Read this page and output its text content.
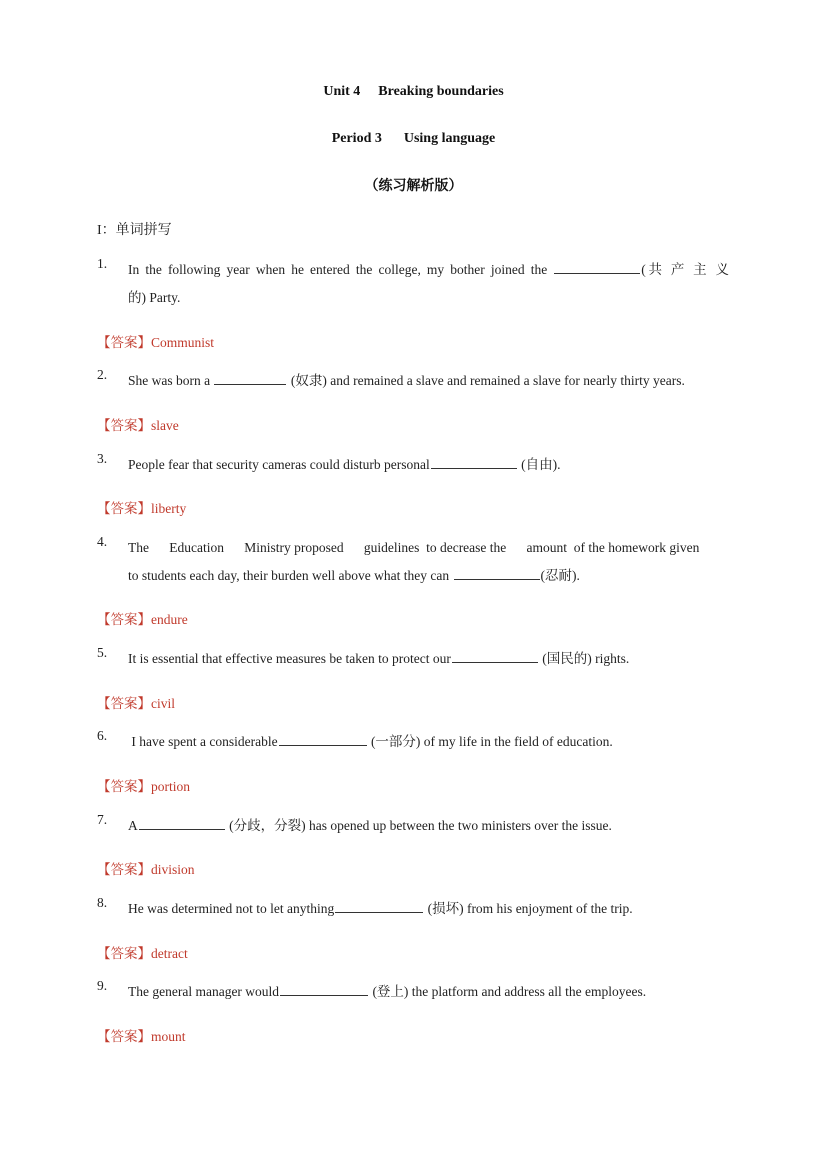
Unit 4 Breaking boundaries
Period 3 Using language
（练习解析版）
I：单词拼写
1.	In the following year when he entered the college, my bother joined the	(共 产 主 义
的) Party.
【答案】Communist
2.	She was born a	(奴隶) and remained a slave and remained a slave for nearly thirty years.
【答案】slave
3.	People fear that security cameras could disturb personal	(自由).
【答案】liberty
4.	The      Education      Ministry proposed      guidelines  to decrease the      amount  of the homework given
to students each day, their burden well above what they can	(忍耐).
【答案】endure
5.	It is essential that effective measures be taken to protect our	(国民的) rights.
【答案】civil
6.	I have spent a considerable	(一部分) of my life in the field of education.
【答案】portion
7.	A	(分歧，分裂) has opened up between the two ministers over the issue.
【答案】division
8.	He was determined not to let anything	(损坏) from his enjoyment of the trip.
【答案】detract
9.	The general manager would	(登上) the platform and address all the employees.
【答案】mount
